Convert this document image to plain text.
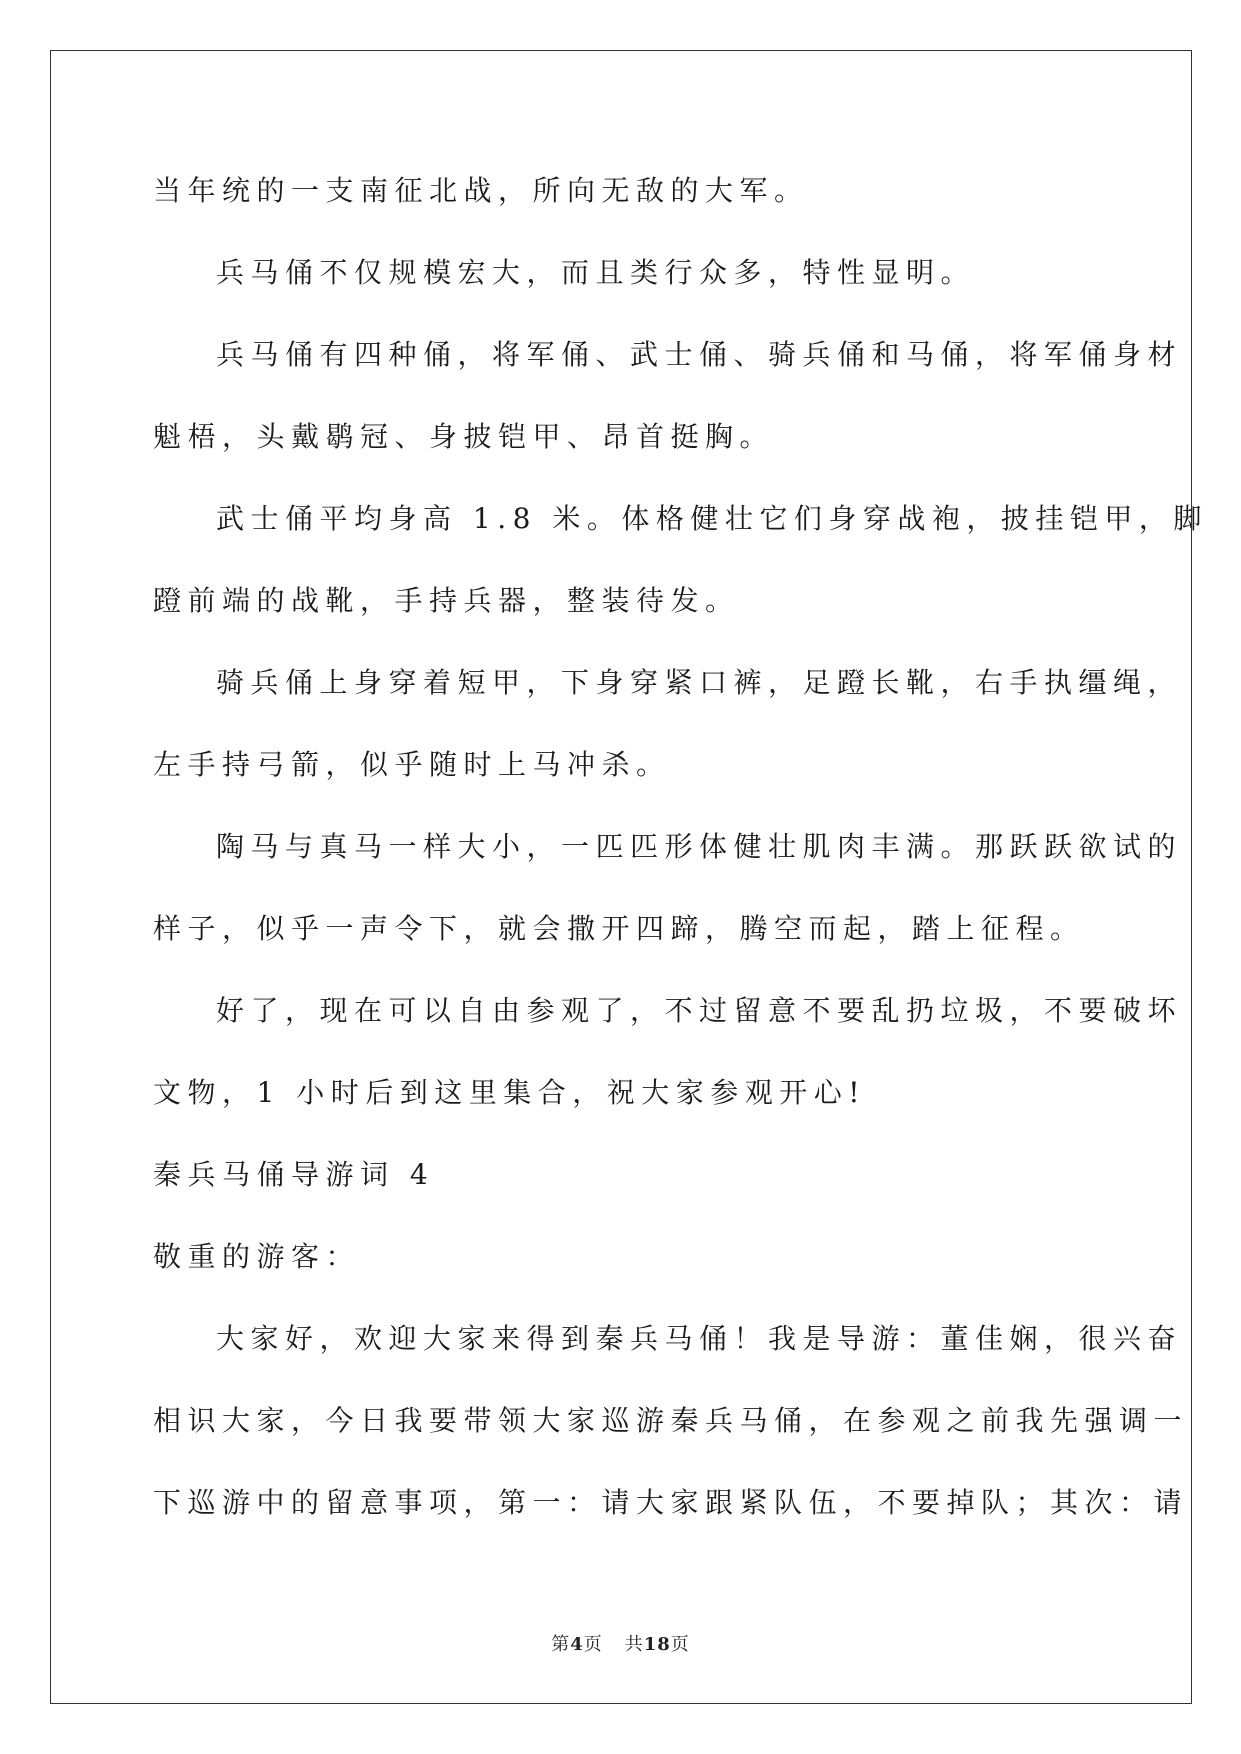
当年统的一支南征北战，所向无敌的大军。
兵马俑不仅规模宏大，而且类行众多，特性显明。
兵马俑有四种俑，将军俑、武士俑、骑兵俑和马俑，将军俑身材
魁梧，头戴鹖冠、身披铠甲、昂首挺胸。
武士俑平均身高 1.8 米。体格健壮它们身穿战袍，披挂铠甲，脚
蹬前端的战靴，手持兵器，整装待发。
骑兵俑上身穿着短甲，下身穿紧口裤，足蹬长靴，右手执缰绳，
左手持弓箭，似乎随时上马冲杀。
陶马与真马一样大小，一匹匹形体健壮肌肉丰满。那跃跃欲试的
样子，似乎一声令下，就会撒开四蹄，腾空而起，踏上征程。
好了，现在可以自由参观了，不过留意不要乱扔垃圾，不要破坏
文物，1 小时后到这里集合，祝大家参观开心!
秦兵马俑导游词 4
敬重的游客：
大家好，欢迎大家来得到秦兵马俑！我是导游：董佳娴，很兴奋
相识大家，今日我要带领大家巡游秦兵马俑，在参观之前我先强调一
下巡游中的留意事项，第一：请大家跟紧队伍，不要掉队；其次：请
第4页 共18页
